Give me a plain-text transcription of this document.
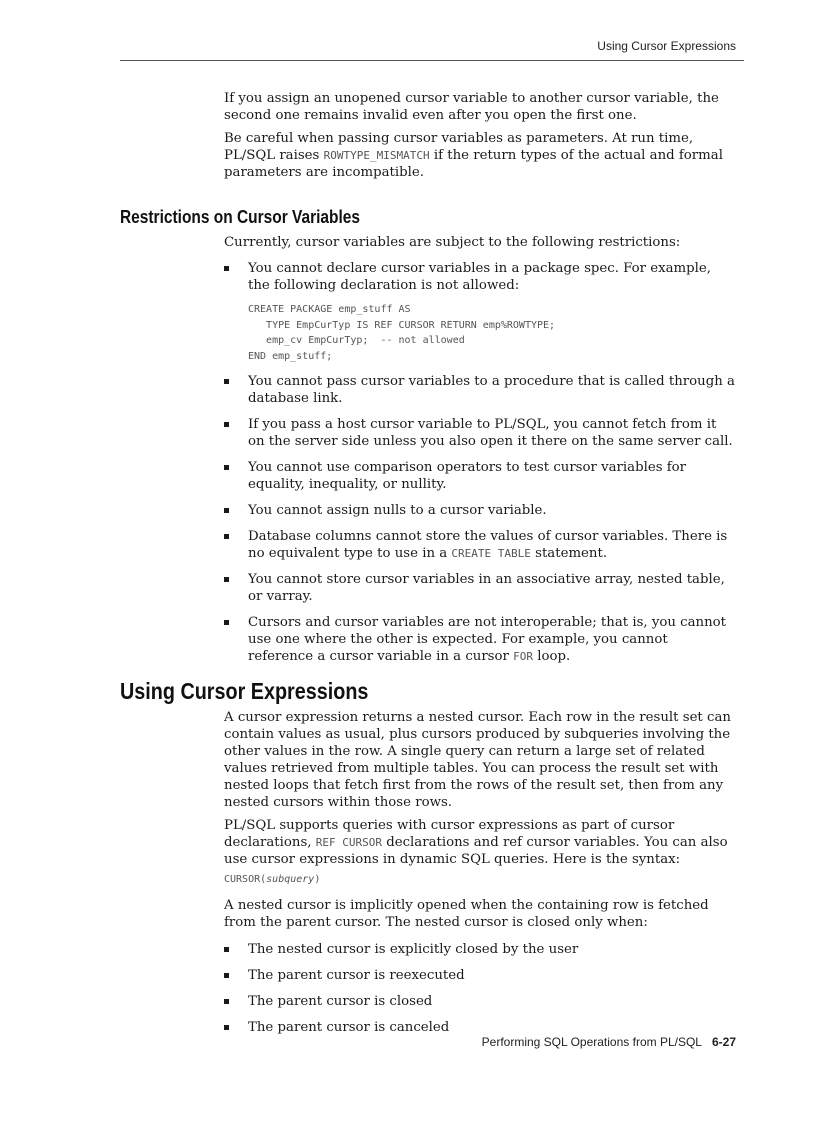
Using Cursor Expressions

If you assign an unopened cursor variable to another cursor variable, the second one remains invalid even after you open the first one.

Be careful when passing cursor variables as parameters. At run time, PL/SQL raises ROWTYPE_MISMATCH if the return types of the actual and formal parameters are incompatible.

Restrictions on Cursor Variables

Currently, cursor variables are subject to the following restrictions:

You cannot declare cursor variables in a package spec. For example, the following declaration is not allowed:
CREATE PACKAGE emp_stuff AS
TYPE EmpCurTyp IS REF CURSOR RETURN emp%ROWTYPE;
emp_cv EmpCurTyp;  -- not allowed
END emp_stuff;
You cannot pass cursor variables to a procedure that is called through a database link.
If you pass a host cursor variable to PL/SQL, you cannot fetch from it on the server side unless you also open it there on the same server call.
You cannot use comparison operators to test cursor variables for equality, inequality, or nullity.
You cannot assign nulls to a cursor variable.
Database columns cannot store the values of cursor variables. There is no equivalent type to use in a CREATE TABLE statement.
You cannot store cursor variables in an associative array, nested table, or varray.
Cursors and cursor variables are not interoperable; that is, you cannot use one where the other is expected. For example, you cannot reference a cursor variable in a cursor FOR loop.
Using Cursor Expressions

A cursor expression returns a nested cursor. Each row in the result set can contain values as usual, plus cursors produced by subqueries involving the other values in the row. A single query can return a large set of related values retrieved from multiple tables. You can process the result set with nested loops that fetch first from the rows of the result set, then from any nested cursors within those rows.

PL/SQL supports queries with cursor expressions as part of cursor declarations, REF CURSOR declarations and ref cursor variables. You can also use cursor expressions in dynamic SQL queries. Here is the syntax:

CURSOR(subquery)

A nested cursor is implicitly opened when the containing row is fetched from the parent cursor. The nested cursor is closed only when:

The nested cursor is explicitly closed by the user
The parent cursor is reexecuted
The parent cursor is closed
The parent cursor is canceled
Performing SQL Operations from PL/SQL 6-27
